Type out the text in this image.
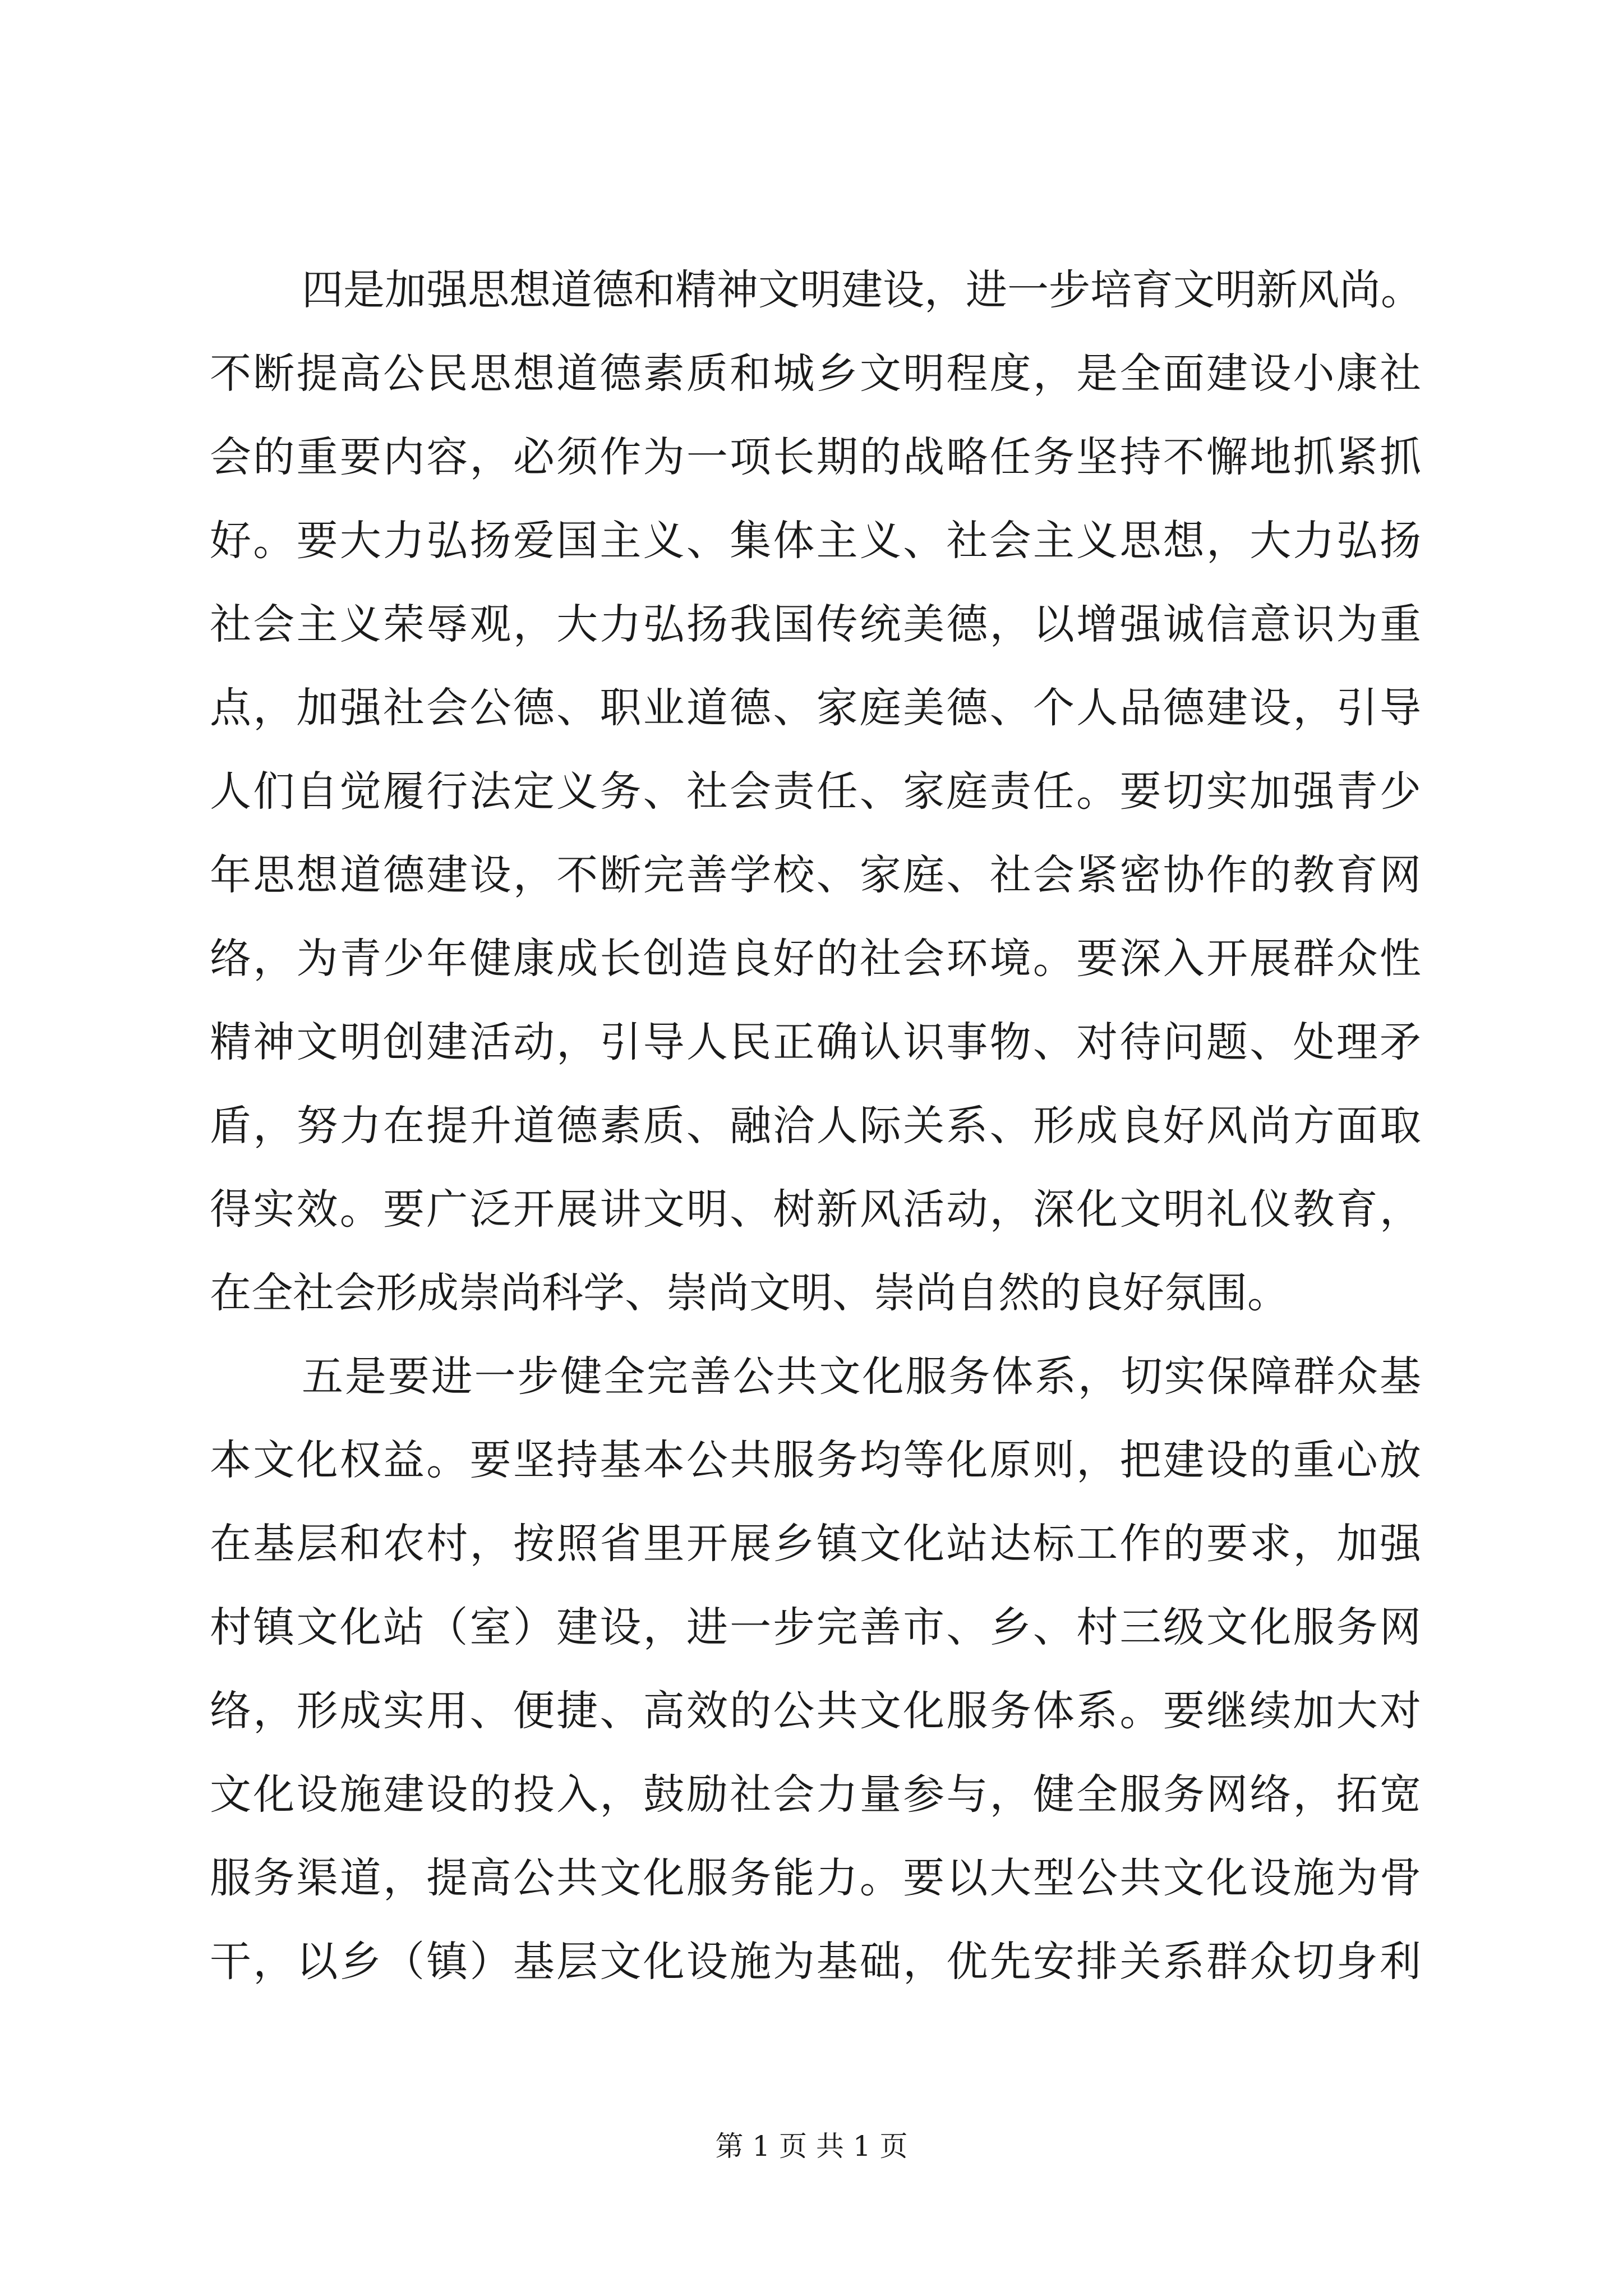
四是加强思想道德和精神文明建设，进一步培育文明新风尚。
不断提高公民思想道德素质和城乡文明程度，是全面建设小康社
会的重要内容，必须作为一项长期的战略任务坚持不懈地抓紧抓
好。要大力弘扬爱国主义、集体主义、社会主义思想，大力弘扬
社会主义荣辱观，大力弘扬我国传统美德，以增强诚信意识为重
点，加强社会公德、职业道德、家庭美德、个人品德建设，引导
人们自觉履行法定义务、社会责任、家庭责任。要切实加强青少
年思想道德建设，不断完善学校、家庭、社会紧密协作的教育网
络，为青少年健康成长创造良好的社会环境。要深入开展群众性
精神文明创建活动，引导人民正确认识事物、对待问题、处理矛
盾，努力在提升道德素质、融洽人际关系、形成良好风尚方面取
得实效。要广泛开展讲文明、树新风活动，深化文明礼仪教育，
在全社会形成崇尚科学、崇尚文明、崇尚自然的良好氛围。
五是要进一步健全完善公共文化服务体系，切实保障群众基
本文化权益。要坚持基本公共服务均等化原则，把建设的重心放
在基层和农村，按照省里开展乡镇文化站达标工作的要求，加强
村镇文化站（室）建设，进一步完善市、乡、村三级文化服务网
络，形成实用、便捷、高效的公共文化服务体系。要继续加大对
文化设施建设的投入，鼓励社会力量参与，健全服务网络，拓宽
服务渠道，提高公共文化服务能力。要以大型公共文化设施为骨
干，以乡（镇）基层文化设施为基础，优先安排关系群众切身利
第 1 页 共 1 页
